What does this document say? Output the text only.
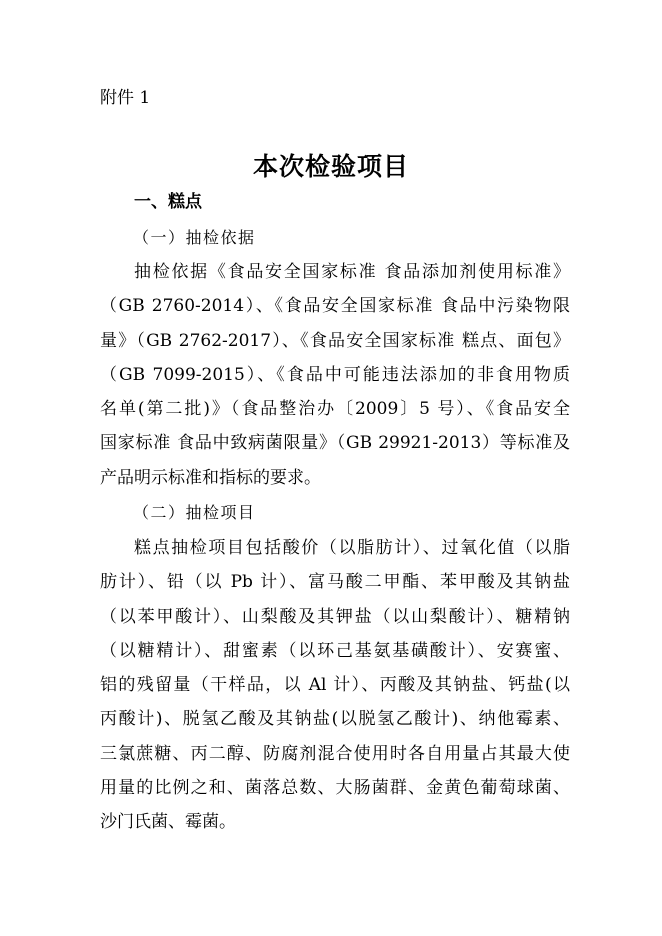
附件 1
本次检验项目
一、糕点
（一）抽检依据
抽检依据《食品安全国家标准 食品添加剂使用标准》
（GB 2760-2014）、《食品安全国家标准 食品中污染物限
量》（GB 2762-2017）、《食品安全国家标准 糕点、面包》
（GB 7099-2015）、《食品中可能违法添加的非食用物质
名单(第二批)》（食品整治办〔2009〕5 号）、《食品安全
国家标准 食品中致病菌限量》（GB 29921-2013）等标准及
产品明示标准和指标的要求。
（二）抽检项目
糕点抽检项目包括酸价（以脂肪计）、过氧化值（以脂
肪计）、铅（以 Pb 计）、富马酸二甲酯、苯甲酸及其钠盐
（以苯甲酸计）、山梨酸及其钾盐（以山梨酸计）、糖精钠
（以糖精计）、甜蜜素（以环己基氨基磺酸计）、安赛蜜、
铝的残留量（干样品，以 Al 计）、丙酸及其钠盐、钙盐(以
丙酸计)、脱氢乙酸及其钠盐(以脱氢乙酸计)、纳他霉素、
三氯蔗糖、丙二醇、防腐剂混合使用时各自用量占其最大使
用量的比例之和、菌落总数、大肠菌群、金黄色葡萄球菌、
沙门氏菌、霉菌。
